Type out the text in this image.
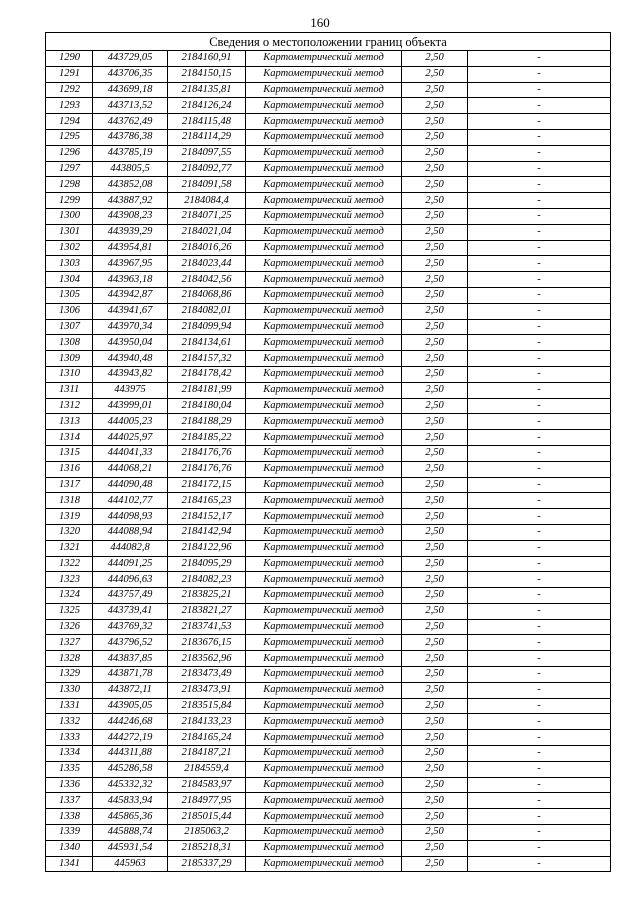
160
Сведения о местоположении границ объекта					
1290	443729,05	2184160,91	Картометрический метод	2,50	-
1291	443706,35	2184150,15	Картометрический метод	2,50	-
1292	443699,18	2184135,81	Картометрический метод	2,50	-
1293	443713,52	2184126,24	Картометрический метод	2,50	-
1294	443762,49	2184115,48	Картометрический метод	2,50	-
1295	443786,38	2184114,29	Картометрический метод	2,50	-
1296	443785,19	2184097,55	Картометрический метод	2,50	-
1297	443805,5	2184092,77	Картометрический метод	2,50	-
1298	443852,08	2184091,58	Картометрический метод	2,50	-
1299	443887,92	2184084,4	Картометрический метод	2,50	-
1300	443908,23	2184071,25	Картометрический метод	2,50	-
1301	443939,29	2184021,04	Картометрический метод	2,50	-
1302	443954,81	2184016,26	Картометрический метод	2,50	-
1303	443967,95	2184023,44	Картометрический метод	2,50	-
1304	443963,18	2184042,56	Картометрический метод	2,50	-
1305	443942,87	2184068,86	Картометрический метод	2,50	-
1306	443941,67	2184082,01	Картометрический метод	2,50	-
1307	443970,34	2184099,94	Картометрический метод	2,50	-
1308	443950,04	2184134,61	Картометрический метод	2,50	-
1309	443940,48	2184157,32	Картометрический метод	2,50	-
1310	443943,82	2184178,42	Картометрический метод	2,50	-
1311	443975	2184181,99	Картометрический метод	2,50	-
1312	443999,01	2184180,04	Картометрический метод	2,50	-
1313	444005,23	2184188,29	Картометрический метод	2,50	-
1314	444025,97	2184185,22	Картометрический метод	2,50	-
1315	444041,33	2184176,76	Картометрический метод	2,50	-
1316	444068,21	2184176,76	Картометрический метод	2,50	-
1317	444090,48	2184172,15	Картометрический метод	2,50	-
1318	444102,77	2184165,23	Картометрический метод	2,50	-
1319	444098,93	2184152,17	Картометрический метод	2,50	-
1320	444088,94	2184142,94	Картометрический метод	2,50	-
1321	444082,8	2184122,96	Картометрический метод	2,50	-
1322	444091,25	2184095,29	Картометрический метод	2,50	-
1323	444096,63	2184082,23	Картометрический метод	2,50	-
1324	443757,49	2183825,21	Картометрический метод	2,50	-
1325	443739,41	2183821,27	Картометрический метод	2,50	-
1326	443769,32	2183741,53	Картометрический метод	2,50	-
1327	443796,52	2183676,15	Картометрический метод	2,50	-
1328	443837,85	2183562,96	Картометрический метод	2,50	-
1329	443871,78	2183473,49	Картометрический метод	2,50	-
1330	443872,11	2183473,91	Картометрический метод	2,50	-
1331	443905,05	2183515,84	Картометрический метод	2,50	-
1332	444246,68	2184133,23	Картометрический метод	2,50	-
1333	444272,19	2184165,24	Картометрический метод	2,50	-
1334	444311,88	2184187,21	Картометрический метод	2,50	-
1335	445286,58	2184559,4	Картометрический метод	2,50	-
1336	445332,32	2184583,97	Картометрический метод	2,50	-
1337	445833,94	2184977,95	Картометрический метод	2,50	-
1338	445865,36	2185015,44	Картометрический метод	2,50	-
1339	445888,74	2185063,2	Картометрический метод	2,50	-
1340	445931,54	2185218,31	Картометрический метод	2,50	-
1341	445963	2185337,29	Картометрический метод	2,50	-
